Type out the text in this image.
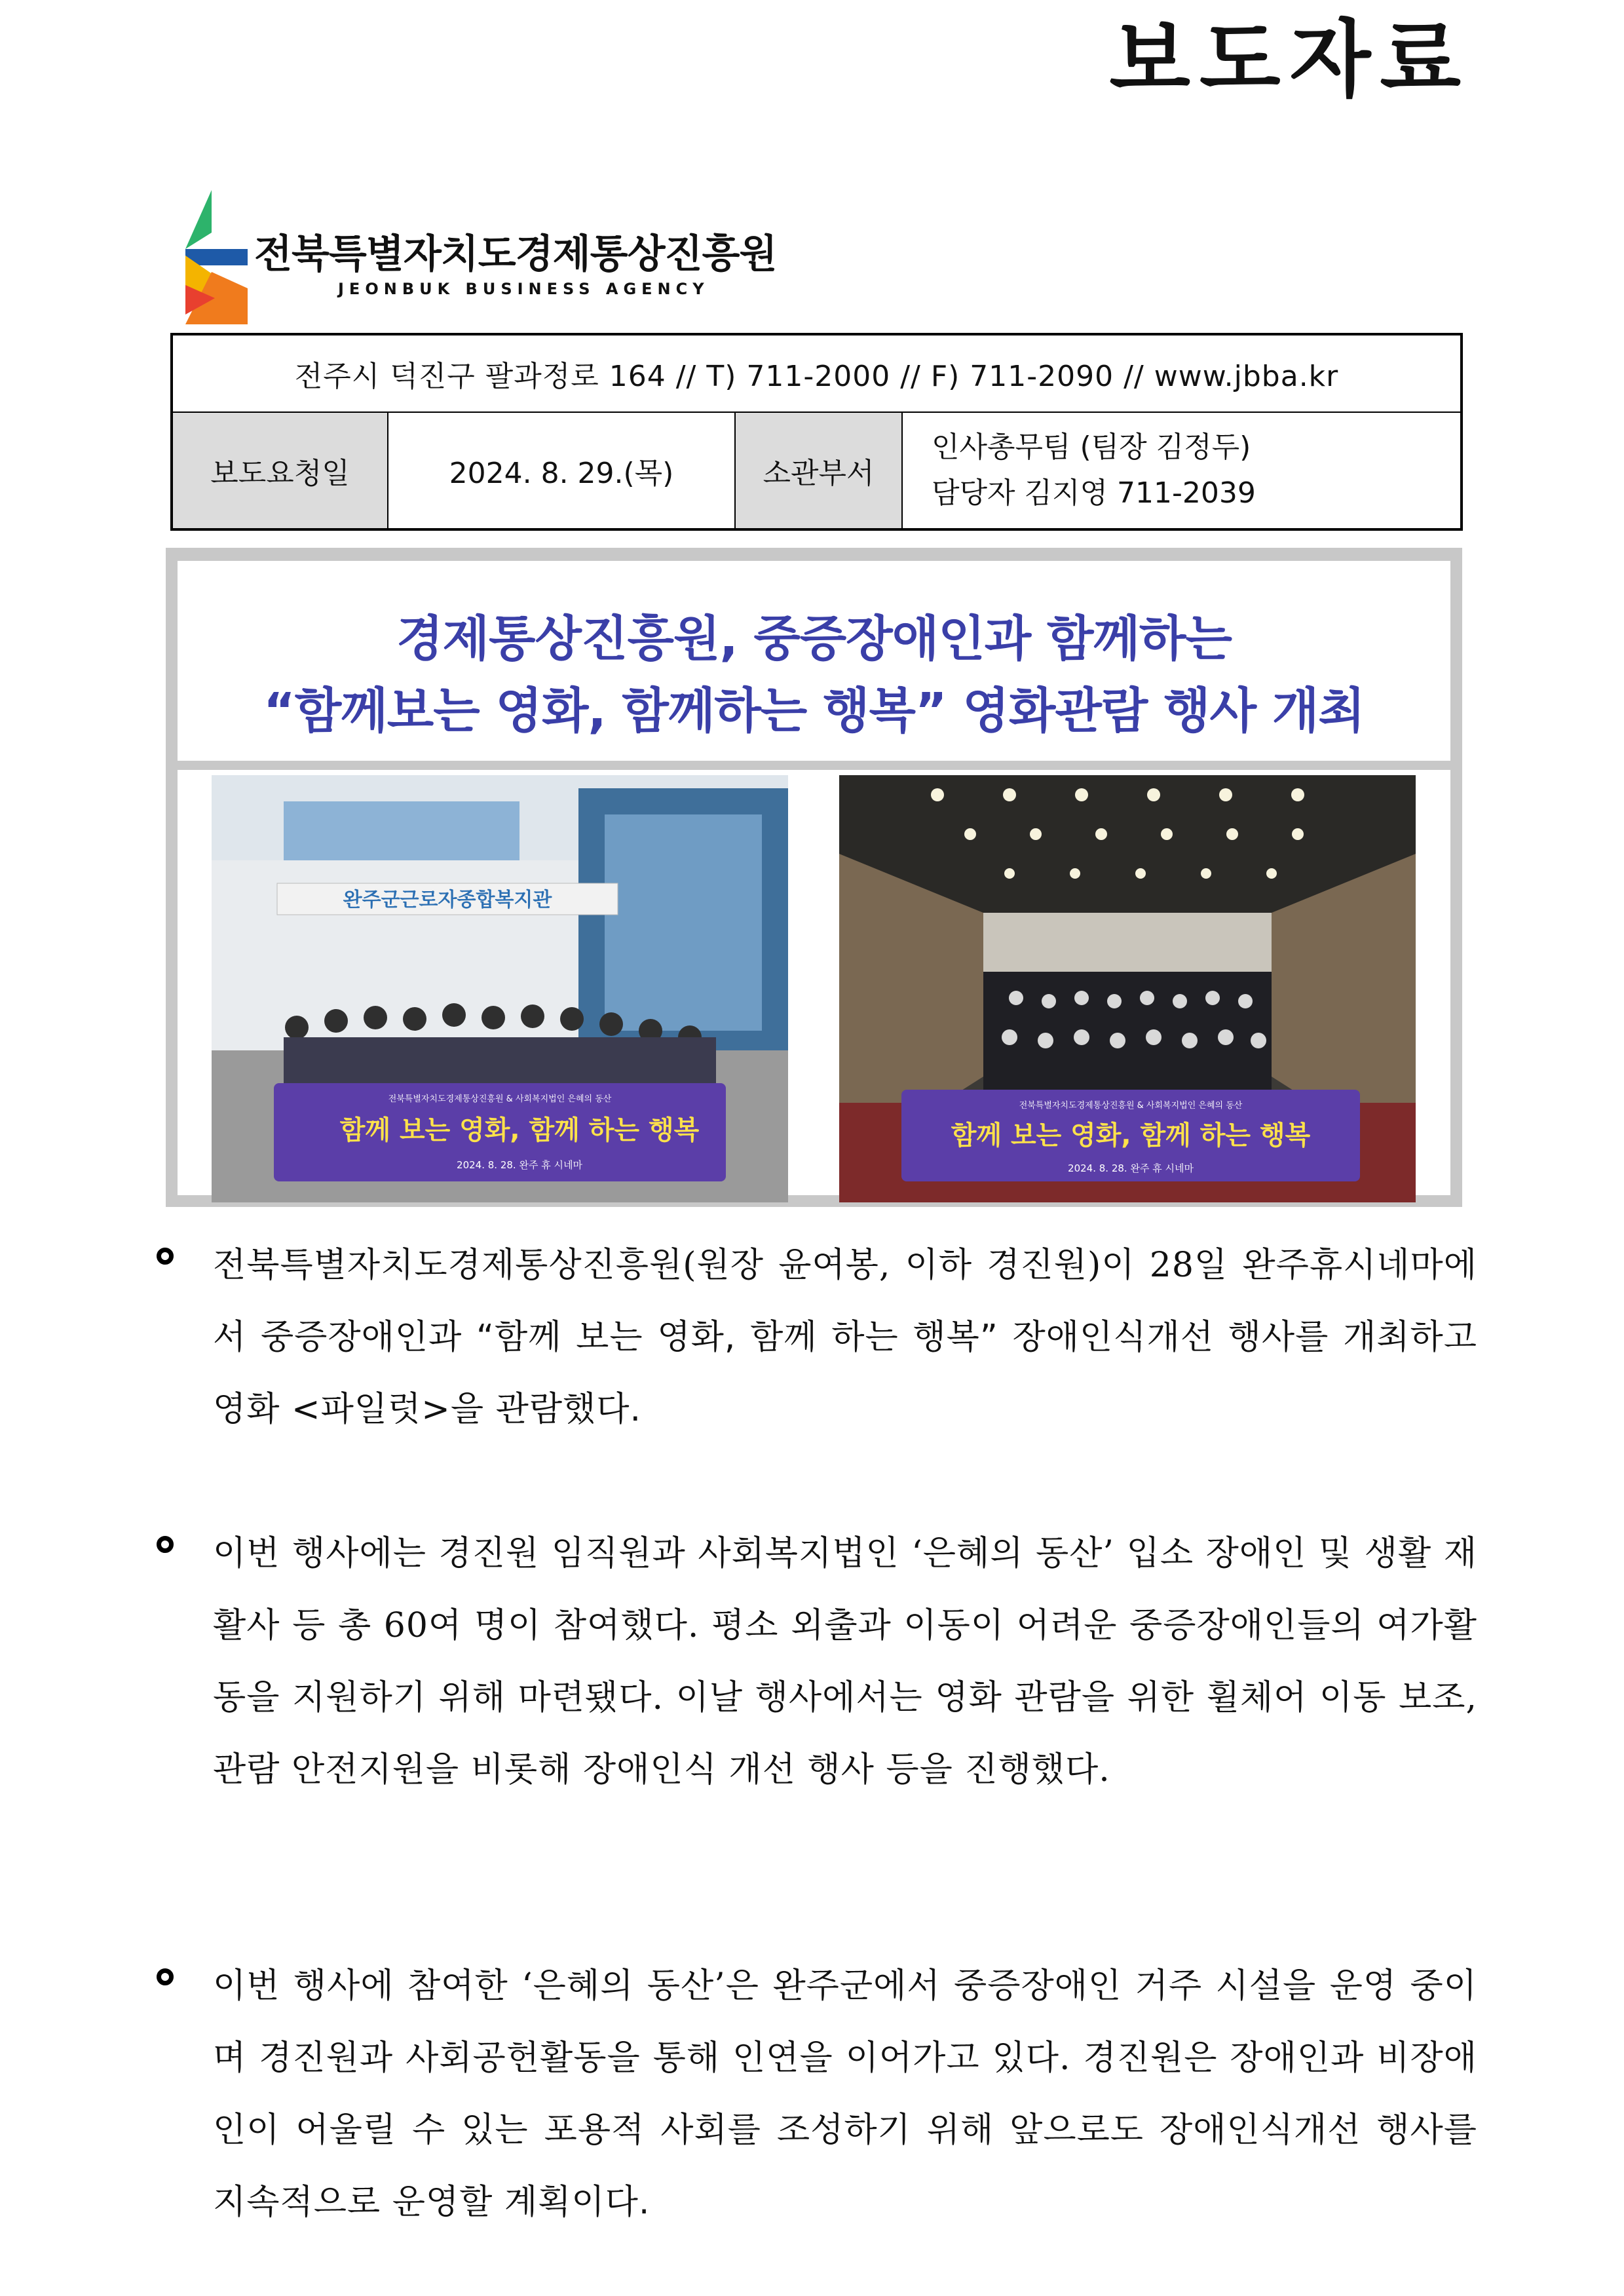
보도자료
전북특별자치도경제통상진흥원
JEONBUK BUSINESS AGENCY
전주시 덕진구 팔과정로 164 // T) 711-2000 // F) 711-2090 // www.jbba.kr
보도요청일	2024. 8. 29.(목)	소관부서	
인사총무팀 (팀장 김정두)
담당자 김지영 711-2039
경제통상진흥원, 중증장애인과 함께하는
“함께보는 영화, 함께하는 행복” 영화관람 행사 개최
완주군근로자종합복지관
전북특별자치도경제통상진흥원 & 사회복지법인 은혜의 동산
함께 보는 영화, 함께 하는 행복
2024. 8. 28. 완주 휴 시네마
전북특별자치도경제통상진흥원 & 사회복지법인 은혜의 동산
함께 보는 영화, 함께 하는 행복
2024. 8. 28. 완주 휴 시네마
전북특별자치도경제통상진흥원(원장 윤여봉, 이하 경진원)이 28일 완주휴시네마에서 중증장애인과 “함께 보는 영화, 함께 하는 행복” 장애인식개선 행사를 개최하고 영화 <파일럿>을 관람했다.
이번 행사에는 경진원 임직원과 사회복지법인 ‘은혜의 동산’ 입소 장애인 및 생활 재활사 등 총 60여 명이 참여했다. 평소 외출과 이동이 어려운 중증장애인들의 여가활동을 지원하기 위해 마련됐다. 이날 행사에서는 영화 관람을 위한 휠체어 이동 보조, 관람 안전지원을 비롯해 장애인식 개선 행사 등을 진행했다.
이번 행사에 참여한 ‘은혜의 동산’은 완주군에서 중증장애인 거주 시설을 운영 중이며 경진원과 사회공헌활동을 통해 인연을 이어가고 있다. 경진원은 장애인과 비장애인이 어울릴 수 있는 포용적 사회를 조성하기 위해 앞으로도 장애인식개선 행사를 지속적으로 운영할 계획이다.
